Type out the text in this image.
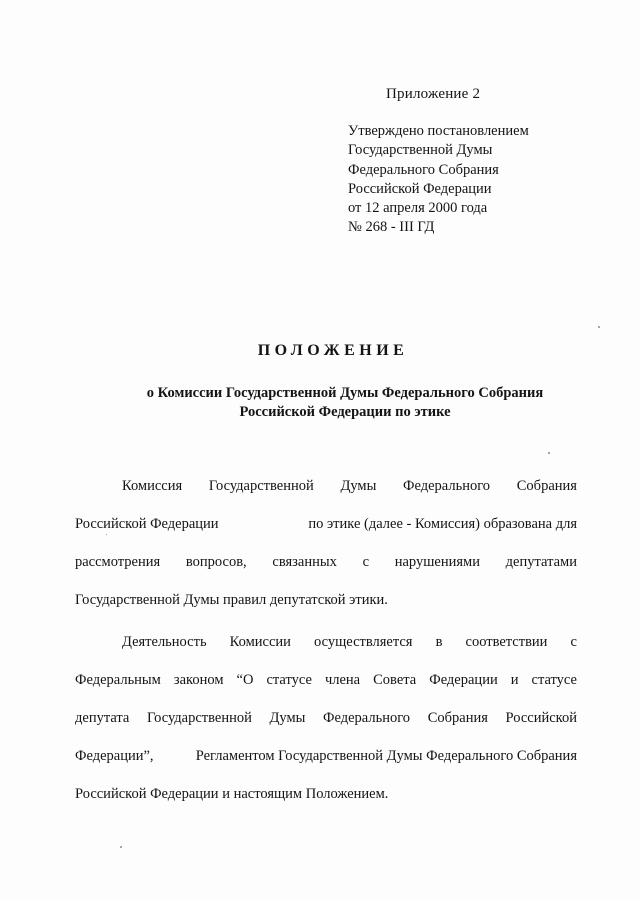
Приложение 2
Утверждено постановлением
Государственной Думы
Федерального Собрания
Российской Федерации
от 12 апреля 2000 года
№ 268 - III ГД
ПОЛОЖЕНИЕ
о Комиссии Государственной Думы Федерального Собрания
Российской Федерации по этике
Комиссия Государственной Думы Федерального Собрания
Российской Федерации	по этике (далее - Комиссия) образована для
рассмотрения вопросов, связанных с нарушениями депутатами
Государственной Думы правил депутатской этики.
Деятельность Комиссии осуществляется в соответствии с
Федеральным законом “О статусе члена Совета Федерации и статусе
депутата Государственной Думы Федерального Собрания Российской
Федерации”,	Регламентом Государственной Думы Федерального Собрания
Российской Федерации и настоящим Положением.
